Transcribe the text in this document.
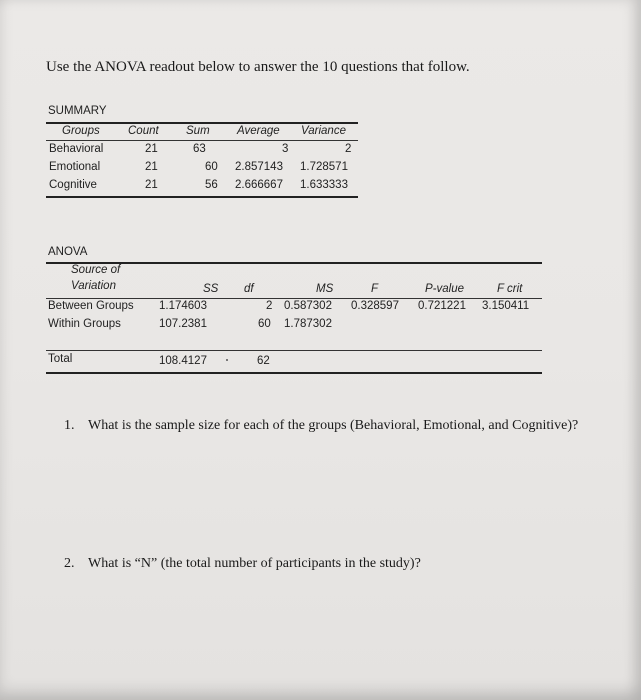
Use the ANOVA readout below to answer the 10 questions that follow.
SUMMARY
Groups Count Sum Average Variance
Behavioral	21	63	3	2
Emotional	21	60 2.857143 1.728571
Cognitive	21	56 2.666667 1.633333
ANOVA
Source of
Variation	SS df	MS	F	P-value	F crit
Between Groups 1.174603	2 0.587302 0.328597 0.721221 3.150411
Within Groups	107.2381	60 1.787302
Total	108.4127	62
1. What is the sample size for each of the groups (Behavioral, Emotional, and Cognitive)?
2. What is “N” (the total number of participants in the study)?
